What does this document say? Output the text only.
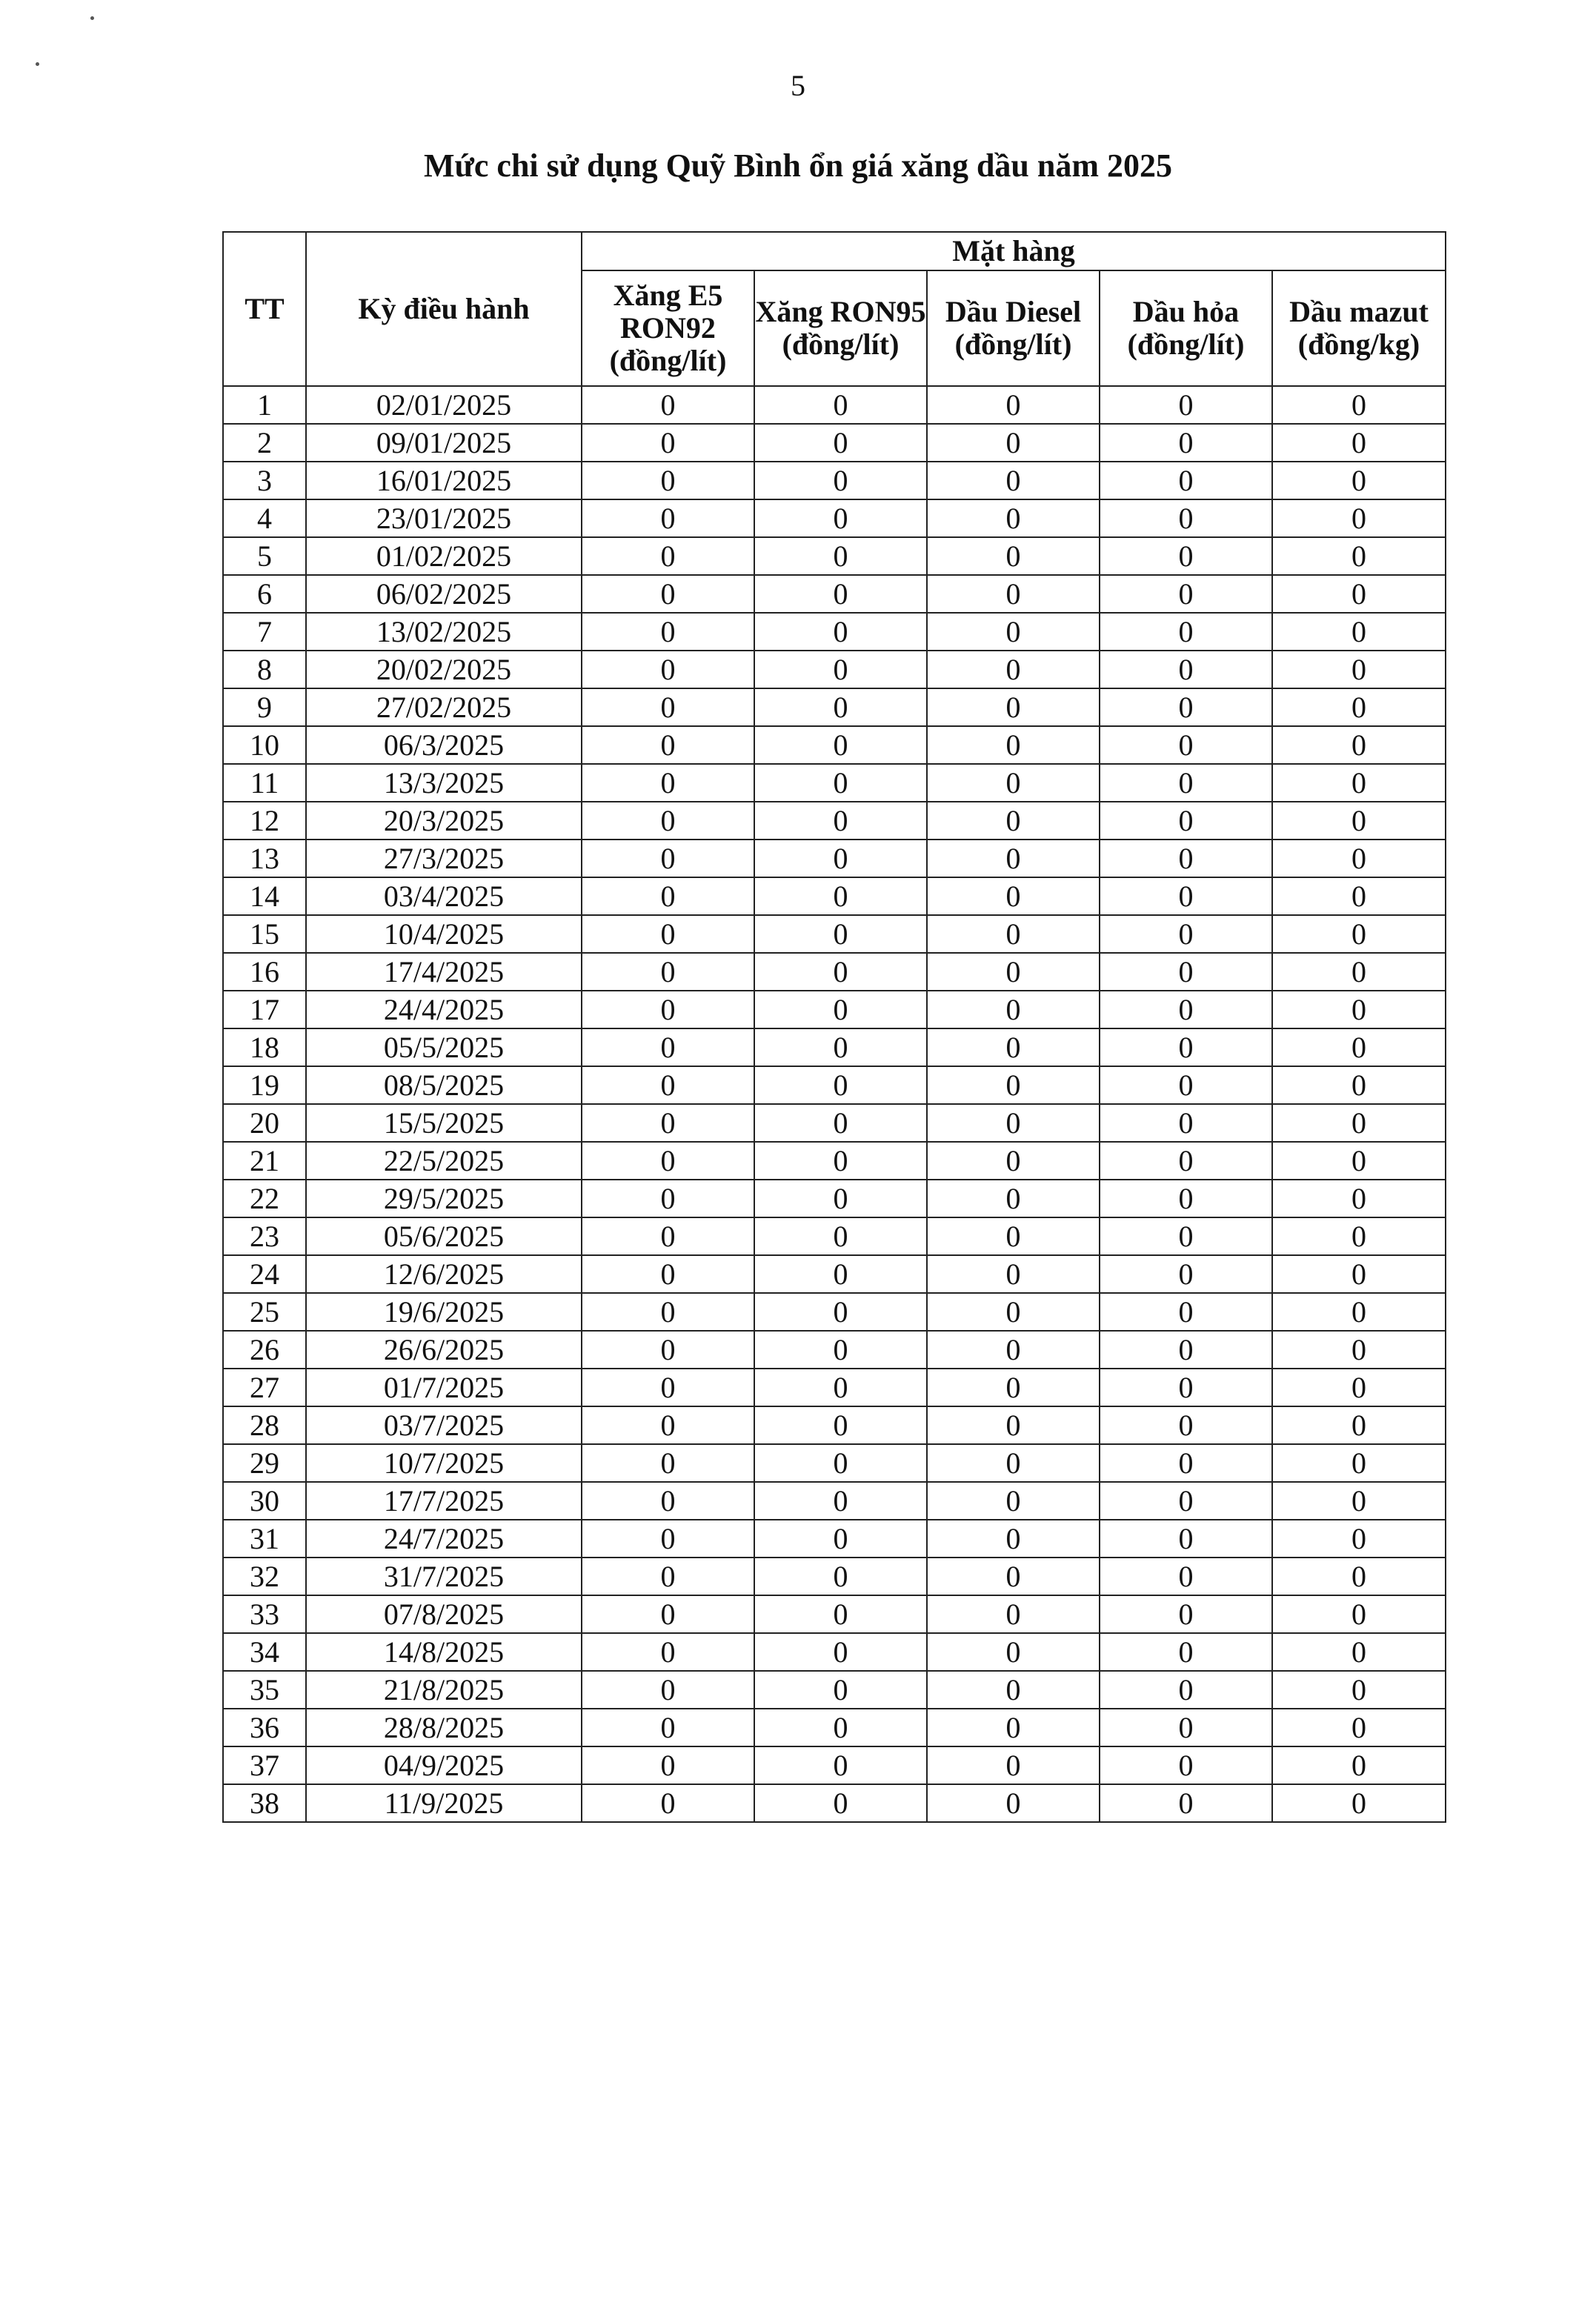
5
Mức chi sử dụng Quỹ Bình ổn giá xăng dầu năm 2025
TT	Kỳ điều hành	Mặt hàng				
		Xăng E5 RON92 (đồng/lít)	Xăng RON95 (đồng/lít)	Dầu Diesel (đồng/lít)	Dầu hỏa (đồng/lít)	Dầu mazut (đồng/kg)
1	02/01/2025	0	0	0	0	0
2	09/01/2025	0	0	0	0	0
3	16/01/2025	0	0	0	0	0
4	23/01/2025	0	0	0	0	0
5	01/02/2025	0	0	0	0	0
6	06/02/2025	0	0	0	0	0
7	13/02/2025	0	0	0	0	0
8	20/02/2025	0	0	0	0	0
9	27/02/2025	0	0	0	0	0
10	06/3/2025	0	0	0	0	0
11	13/3/2025	0	0	0	0	0
12	20/3/2025	0	0	0	0	0
13	27/3/2025	0	0	0	0	0
14	03/4/2025	0	0	0	0	0
15	10/4/2025	0	0	0	0	0
16	17/4/2025	0	0	0	0	0
17	24/4/2025	0	0	0	0	0
18	05/5/2025	0	0	0	0	0
19	08/5/2025	0	0	0	0	0
20	15/5/2025	0	0	0	0	0
21	22/5/2025	0	0	0	0	0
22	29/5/2025	0	0	0	0	0
23	05/6/2025	0	0	0	0	0
24	12/6/2025	0	0	0	0	0
25	19/6/2025	0	0	0	0	0
26	26/6/2025	0	0	0	0	0
27	01/7/2025	0	0	0	0	0
28	03/7/2025	0	0	0	0	0
29	10/7/2025	0	0	0	0	0
30	17/7/2025	0	0	0	0	0
31	24/7/2025	0	0	0	0	0
32	31/7/2025	0	0	0	0	0
33	07/8/2025	0	0	0	0	0
34	14/8/2025	0	0	0	0	0
35	21/8/2025	0	0	0	0	0
36	28/8/2025	0	0	0	0	0
37	04/9/2025	0	0	0	0	0
38	11/9/2025	0	0	0	0	0
